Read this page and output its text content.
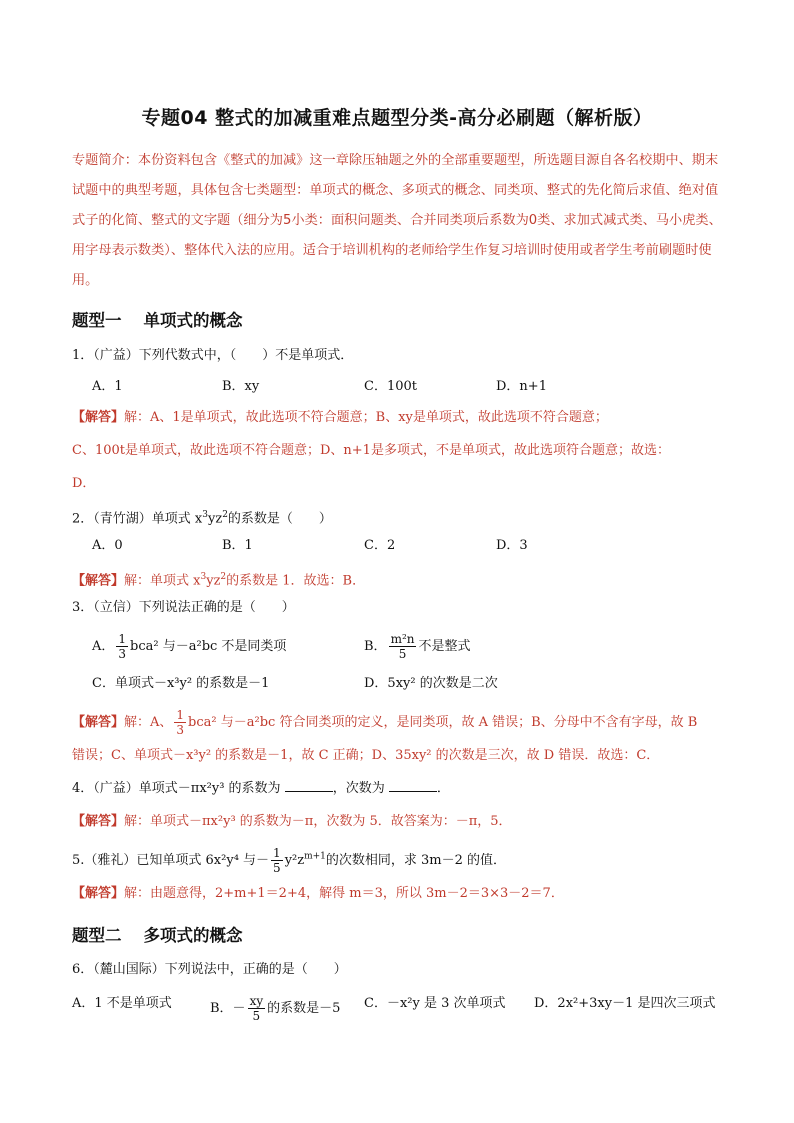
专题04 整式的加减重难点题型分类-高分必刷题（解析版）
专题简介：本份资料包含《整式的加减》这一章除压轴题之外的全部重要题型，所选题目源自各名校期中、期末试题中的典型考题，具体包含七类题型：单项式的概念、多项式的概念、同类项、整式的先化简后求值、绝对值式子的化简、整式的文字题（细分为5小类：面积问题类、合并同类项后系数为0类、求加式减式类、马小虎类、用字母表示数类）、整体代入法的应用。适合于培训机构的老师给学生作复习培训时使用或者学生考前刷题时使用。
题型一 单项式的概念
1．（广益）下列代数式中，（　　）不是单项式．
A．1	B．xy	C．100t	D．n+1
【解答】解：A、1是单项式，故此选项不符合题意；B、xy是单项式，故此选项不符合题意；
C、100t是单项式，故此选项不符合题意；D、n+1是多项式，不是单项式，故此选项符合题意；故选：
D．
2．（青竹湖）单项式 $x^3yz^2$的系数是（　　）
A．0	B．1	C．2	D．3
【解答】解：单项式 $x^3yz^2$的系数是 1．故选：B．
3．（立信）下列说法正确的是（　　）
A． $\frac{1}{3} bca^2$ 与－a²bc 不是同类项	B． $\frac{\text{m²n}}{5}$ 不是整式
C．单项式－x³y² 的系数是－1	D．5xy² 的次数是二次
【解答】解：A、 $\frac{1}{3} bca^2$ 与－a²bc 符合同类项的定义，是同类项，故 A 错误；B、分母中不含有字母，故 B
错误；C、单项式－x³y² 的系数是－1，故 C 正确；D、35xy² 的次数是三次，故 D 错误．故选：C．
4．（广益）单项式－πx²y³ 的系数为	，次数为	．
【解答】解：单项式－πx²y³ 的系数为－π，次数为 5．故答案为：－π，5．
5.（雅礼）已知单项式 6x²y⁴ 与－ $\frac{1}{5} y^2z^{m+1}$的次数相同，求 3m－2 的值．
【解答】解：由题意得，2+m+1＝2+4，解得 m＝3，所以 3m－2＝3×3－2＝7．
题型二 多项式的概念
6．（麓山国际）下列说法中，正确的是（　　）
A．1 不是单项式	B．－ $\frac{xy}{5}$ 的系数是－5 C．－x²y 是 3 次单项式 D．2x²+3xy－1 是四次三项式
